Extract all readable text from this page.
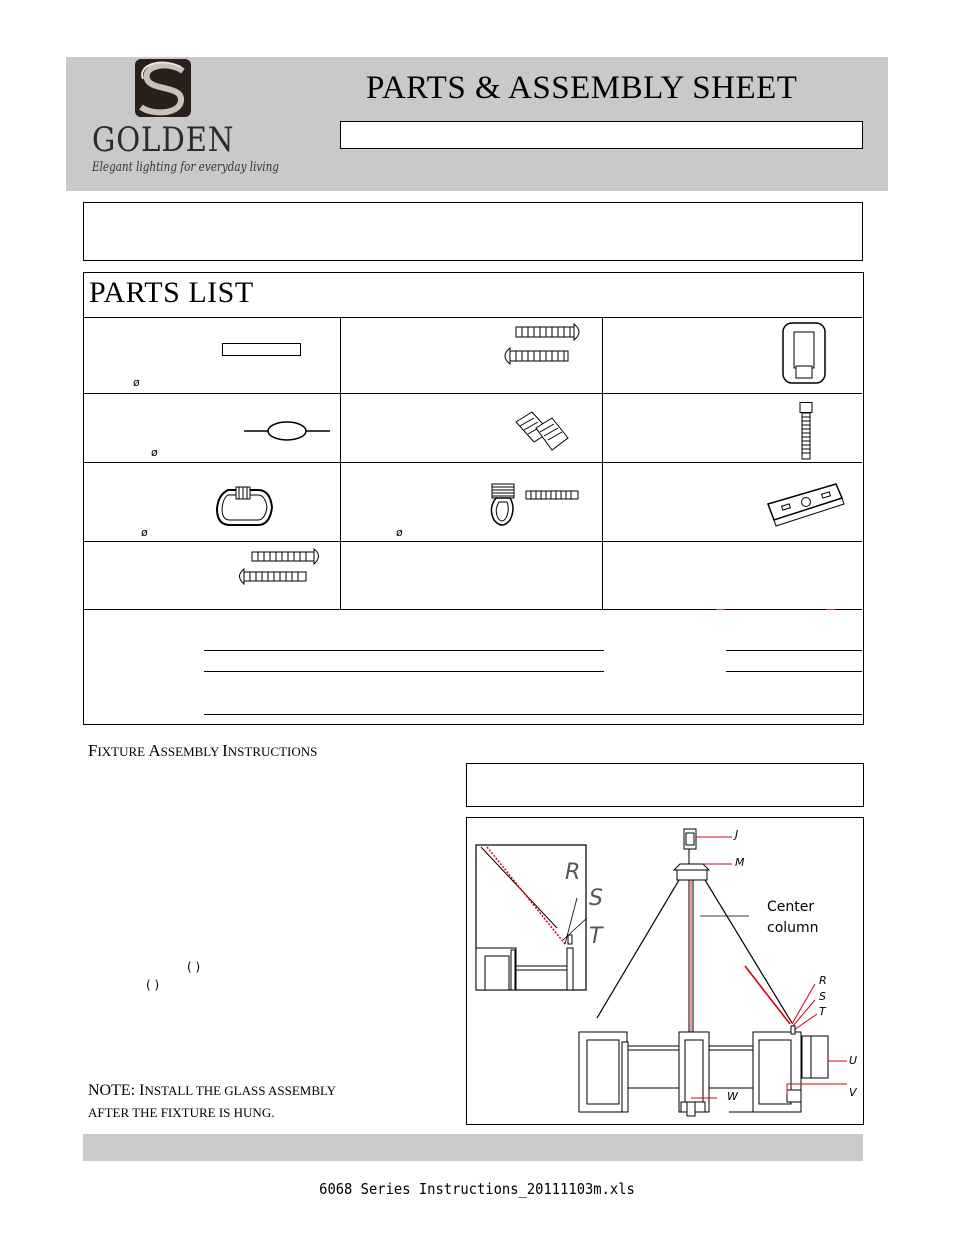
GOLDEN
Elegant lighting for everyday living
PARTS & ASSEMBLY SHEET
PARTS LIST
ø
ø
ø	ø
FIXTURE ASSEMBLY INSTRUCTIONS
( )
( )
NOTE: INSTALL THE GLASS ASSEMBLY
AFTER THE FIXTURE IS HUNG.
J
M
R
S
T
U
V
W
R
S
T
Center
column
6068 Series Instructions_20111103m.xls
